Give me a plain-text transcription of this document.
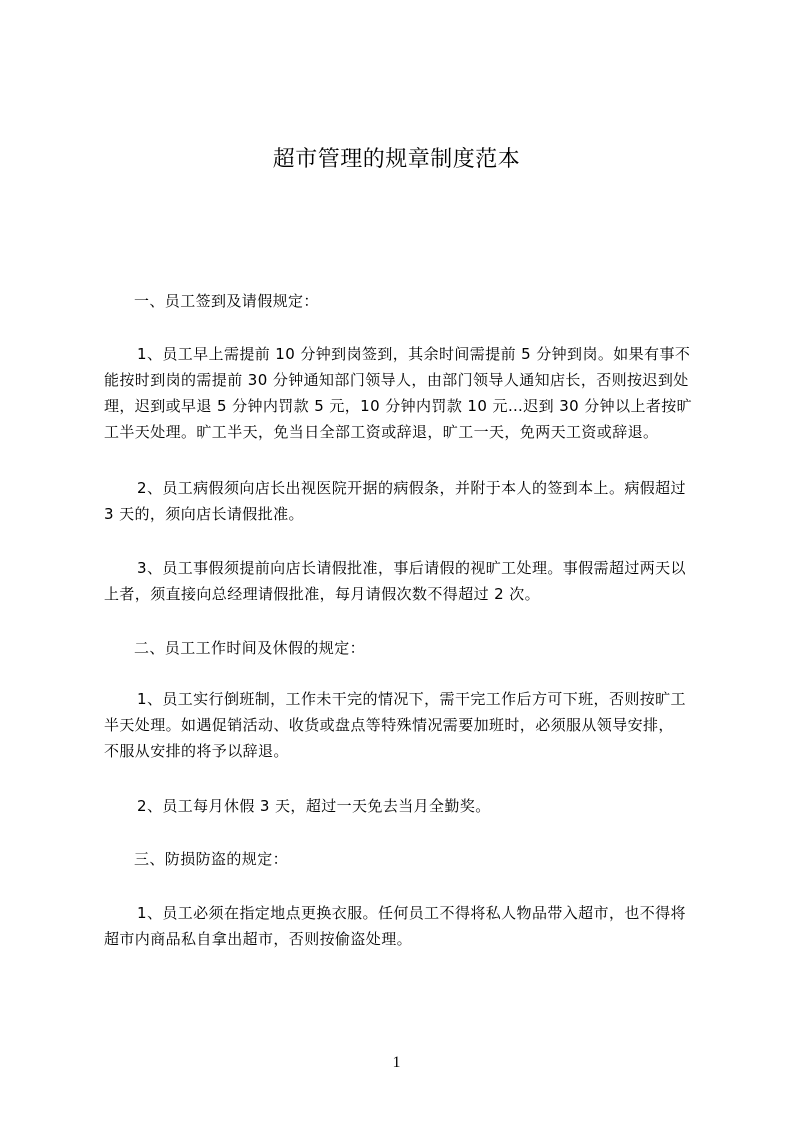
超市管理的规章制度范本
一、员工签到及请假规定：
1、员工早上需提前 10 分钟到岗签到，其余时间需提前 5 分钟到岗。如果有事不
能按时到岗的需提前 30 分钟通知部门领导人，由部门领导人通知店长，否则按迟到处
理，迟到或早退 5 分钟内罚款 5 元，10 分钟内罚款 10 元…迟到 30 分钟以上者按旷
工半天处理。旷工半天，免当日全部工资或辞退，旷工一天，免两天工资或辞退。
2、员工病假须向店长出视医院开据的病假条，并附于本人的签到本上。病假超过
3 天的，须向店长请假批准。
3、员工事假须提前向店长请假批准，事后请假的视旷工处理。事假需超过两天以
上者，须直接向总经理请假批准，每月请假次数不得超过 2 次。
二、员工工作时间及休假的规定：
1、员工实行倒班制，工作未干完的情况下，需干完工作后方可下班，否则按旷工
半天处理。如遇促销活动、收货或盘点等特殊情况需要加班时，必须服从领导安排，
不服从安排的将予以辞退。
2、员工每月休假 3 天，超过一天免去当月全勤奖。
三、防损防盗的规定：
1、员工必须在指定地点更换衣服。任何员工不得将私人物品带入超市，也不得将
超市内商品私自拿出超市，否则按偷盗处理。
1
